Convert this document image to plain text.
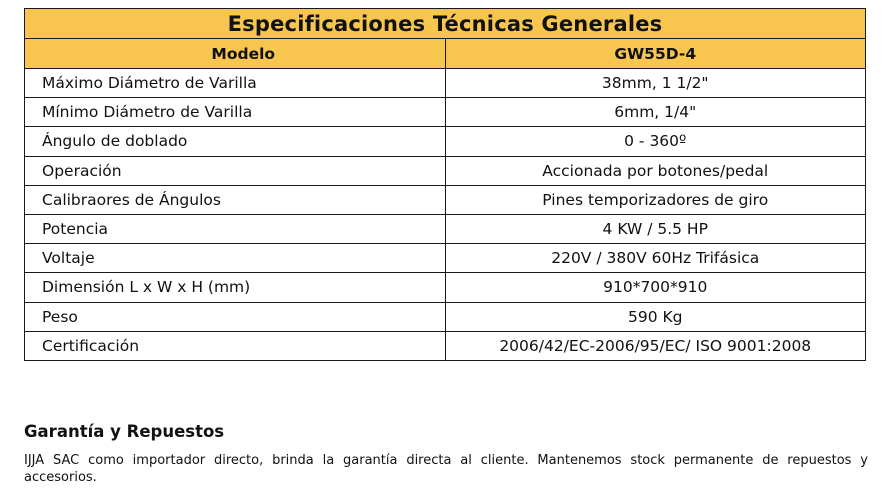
Especificaciones Técnicas Generales	
Modelo	GW55D-4
Máximo Diámetro de Varilla	38mm, 1 1/2"
Mínimo Diámetro de Varilla	6mm, 1/4"
Ángulo de doblado	0 - 360º
Operación	Accionada por botones/pedal
Calibraores de Ángulos	Pines temporizadores de giro
Potencia	4 KW / 5.5 HP
Voltaje	220V / 380V 60Hz Trifásica
Dimensión L x W x H (mm)	910*700*910
Peso	590 Kg
Certificación	2006/42/EC-2006/95/EC/ ISO 9001:2008
Garantía y Repuestos

IJJA SAC como importador directo, brinda la garantía directa al cliente. Mantenemos stock permanente de repuestos y accesorios.
